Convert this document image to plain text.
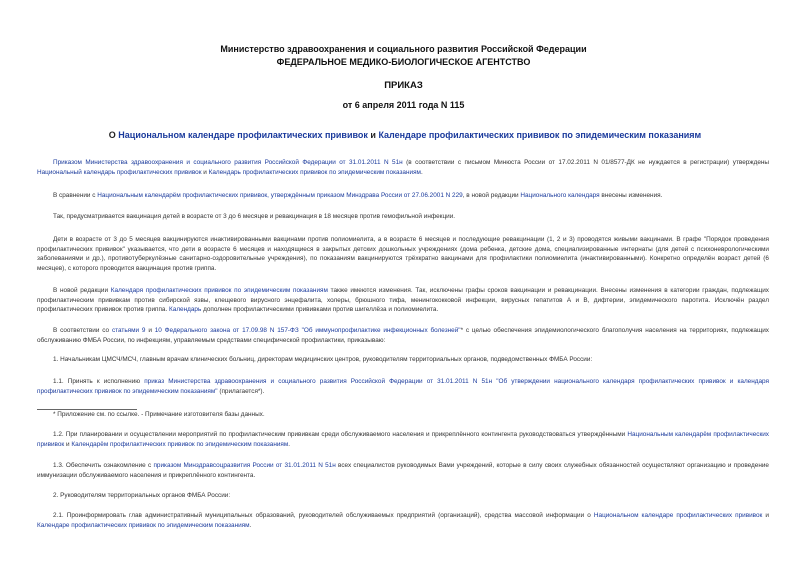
Министерство здравоохранения и социального развития Российской Федерации
ФЕДЕРАЛЬНОЕ МЕДИКО-БИОЛОГИЧЕСКОЕ АГЕНТСТВО
ПРИКАЗ
от 6 апреля 2011 года N 115
О Национальном календаре профилактических прививок и Календаре профилактических прививок по эпидемическим показаниям
Приказом Министерства здравоохранения и социального развития Российской Федерации от 31.01.2011 N 51н (в соответствии с письмом Минюста России от 17.02.2011 N 01/8577-ДК не нуждается в регистрации) утверждены Национальный календарь профилактических прививок и Календарь профилактических прививок по эпидемическим показаниям.
В сравнении с Национальным календарём профилактических прививок, утверждённым приказом Минздрава России от 27.06.2001 N 229, в новой редакции Национального календаря внесены изменения.
Так, предусматривается вакцинация детей в возрасте от 3 до 6 месяцев и ревакцинация в 18 месяцев против гемофильной инфекции.
Дети в возрасте от 3 до 5 месяцев вакцинируются инактивированными вакцинами против полиомиелита, а в возрасте 6 месяцев и последующие ревакцинации (1, 2 и 3) проводятся живыми вакцинами. В графе "Порядок проведения профилактических прививок" указывается, что дети в возрасте 6 месяцев и находящиеся в закрытых детских дошкольных учреждениях (дома ребенка, детские дома, специализированные интернаты (для детей с психоневрологическими заболеваниями и др.), противотуберкулёзные санитарно-оздоровительные учреждения), по показаниям вакцинируются трёхкратно вакцинами для профилактики полиомиелита (инактивированными). Конкретно определён возраст детей (6 месяцев), с которого проводится вакцинация против гриппа.
В новой редакции Календаря профилактических прививок по эпидемическим показаниям также имеются изменения. Так, исключены графы сроков вакцинации и ревакцинации. Внесены изменения в категории граждан, подлежащих профилактическим прививкам против сибирской язвы, клещевого вирусного энцефалита, холеры, брюшного тифа, менингококковой инфекции, вирусных гепатитов А и В, дифтерии, эпидемического паротита. Исключён раздел профилактических прививок против гриппа. Календарь дополнен профилактическими прививками против шигеллёза и полиомиелита.
В соответствии со статьями 9 и 10 Федерального закона от 17.09.98 N 157-ФЗ "Об иммунопрофилактике инфекционных болезней"* с целью обеспечения эпидемиологического благополучия населения на территориях, подлежащих обслуживанию ФМБА России, по инфекциям, управляемым средствами специфической профилактики, приказываю:
1. Начальникам ЦМСЧ/МСЧ, главным врачам клинических больниц, директорам медицинских центров, руководителям территориальных органов, подведомственных ФМБА России:
1.1. Принять к исполнению приказ Министерства здравоохранения и социального развития Российской Федерации от 31.01.2011 N 51н "Об утверждении национального календаря профилактических прививок и календаря профилактических прививок по эпидемическим показаниям" (прилагается*).
* Приложение см. по ссылке. - Примечание изготовителя базы данных.
1.2. При планировании и осуществлении мероприятий по профилактическим прививкам среди обслуживаемого населения и прикреплённого контингента руководствоваться утверждёнными Национальным календарём профилактических прививок и Календарём профилактических прививок по эпидемическим показаниям.
1.3. Обеспечить ознакомление с приказом Минздравсоцразвития России от 31.01.2011 N 51н всех специалистов руководимых Вами учреждений, которые в силу своих служебных обязанностей осуществляют организацию и проведение иммунизации обслуживаемого населения и прикреплённого контингента.
2. Руководителям территориальных органов ФМБА России:
2.1. Проинформировать глав административный муниципальных образований, руководителей обслуживаемых предприятий (организаций), средства массовой информации о Национальном календаре профилактических прививок и Календаре профилактических прививок по эпидемическим показаниям.
